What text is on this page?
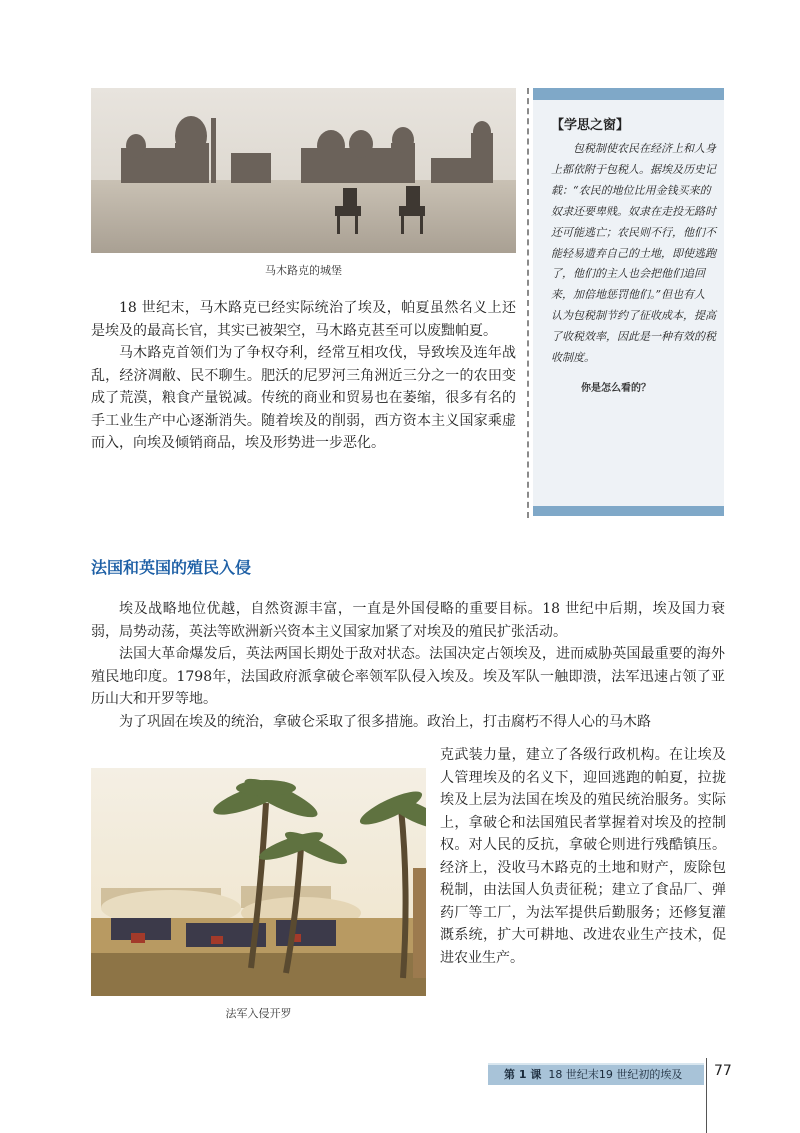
马木路克的城堡
【学思之窗】

包税制使农民在经济上和人身上都依附于包税人。据埃及历史记载：“农民的地位比用金钱买来的奴隶还要卑贱。奴隶在走投无路时还可能逃亡；农民则不行，他们不能轻易遗弃自己的土地，即使逃跑了，他们的主人也会把他们追回来，加倍地惩罚他们。”但也有人认为包税制节约了征收成本，提高了收税效率，因此是一种有效的税收制度。

你是怎么看的？

18 世纪末，马木路克已经实际统治了埃及，帕夏虽然名义上还是埃及的最高长官，其实已被架空，马木路克甚至可以废黜帕夏。

马木路克首领们为了争权夺利，经常互相攻伐，导致埃及连年战乱，经济凋敝、民不聊生。肥沃的尼罗河三角洲近三分之一的农田变成了荒漠，粮食产量锐减。传统的商业和贸易也在萎缩，很多有名的手工业生产中心逐渐消失。随着埃及的削弱，西方资本主义国家乘虚而入，向埃及倾销商品，埃及形势进一步恶化。

法国和英国的殖民入侵

埃及战略地位优越，自然资源丰富，一直是外国侵略的重要目标。18 世纪中后期，埃及国力衰弱，局势动荡，英法等欧洲新兴资本主义国家加紧了对埃及的殖民扩张活动。

法国大革命爆发后，英法两国长期处于敌对状态。法国决定占领埃及，进而威胁英国最重要的海外殖民地印度。1798年，法国政府派拿破仑率领军队侵入埃及。埃及军队一触即溃，法军迅速占领了亚历山大和开罗等地。

为了巩固在埃及的统治，拿破仑采取了很多措施。政治上，打击腐朽不得人心的马木路

克武装力量，建立了各级行政机构。在让埃及人管理埃及的名义下，迎回逃跑的帕夏，拉拢埃及上层为法国在埃及的殖民统治服务。实际上，拿破仑和法国殖民者掌握着对埃及的控制权。对人民的反抗，拿破仑则进行残酷镇压。经济上，没收马木路克的土地和财产，废除包税制，由法国人负责征税；建立了食品厂、弹药厂等工厂，为法军提供后勤服务；还修复灌溉系统，扩大可耕地、改进农业生产技术，促进农业生产。

法军入侵开罗
第 1 课 18 世纪末19 世纪初的埃及	77
